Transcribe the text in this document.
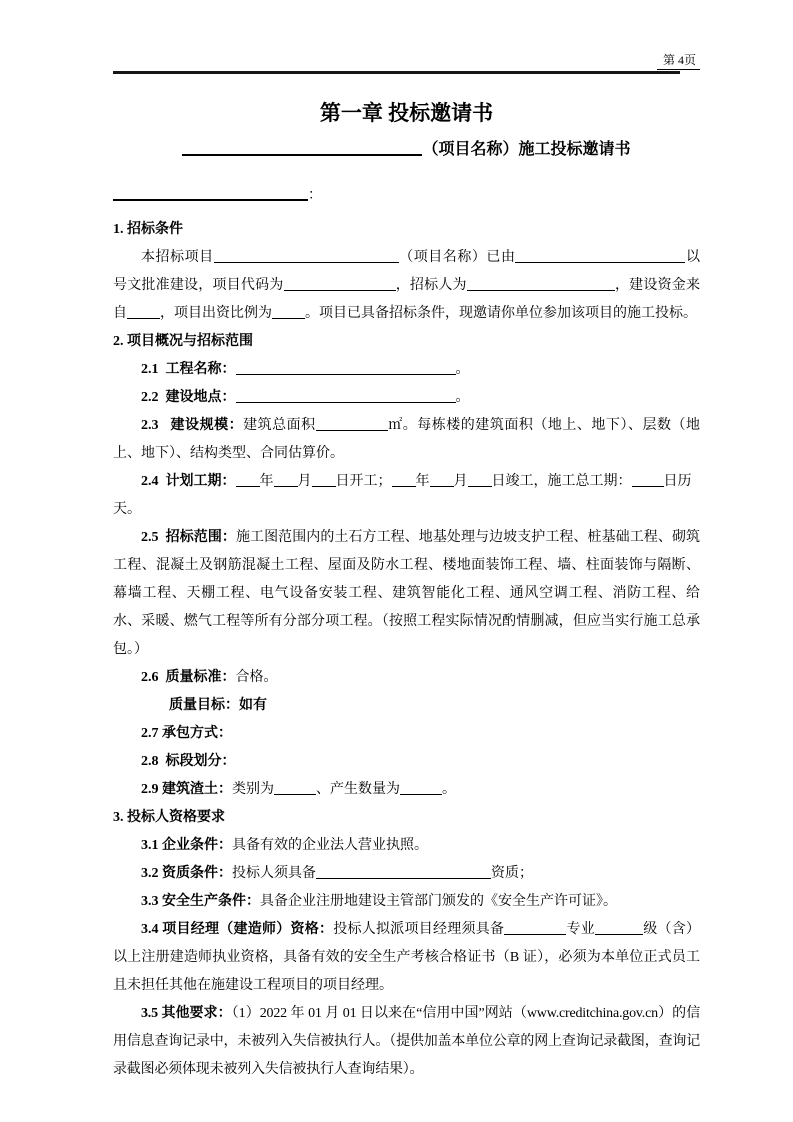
第 4页
第一章 投标邀请书
（项目名称）施工投标邀请书
：

1. 招标条件

本招标项目	（项目名称）已由	以号文批准建设，项目代码为	，招标人为	，建设资金来自 ，项目出资比例为 。项目已具备招标条件，现邀请你单位参加该项目的施工投标。

2. 项目概况与招标范围

2.1  工程名称：	。

2.2  建设地点：	。

2.3   建设规模：建筑总面积	㎡。每栋楼的建筑面积（地上、地下）、层数（地上、地下）、结构类型、合同估算价。

2.4  计划工期： 年 月 日开工； 年 月 日竣工，施工总工期： 日历天。

2.5  招标范围：施工图范围内的土石方工程、地基处理与边坡支护工程、桩基础工程、砌筑工程、混凝土及钢筋混凝土工程、屋面及防水工程、楼地面装饰工程、墙、柱面装饰与隔断、幕墙工程、天棚工程、电气设备安装工程、建筑智能化工程、通风空调工程、消防工程、给水、采暖、燃气工程等所有分部分项工程。（按照工程实际情况酌情删减，但应当实行施工总承包。）

2.6  质量标准：合格。

质量目标：如有

2.7 承包方式：

2.8  标段划分：

2.9 建筑渣土：类别为	、产生数量为	。

3. 投标人资格要求

3.1 企业条件：具备有效的企业法人营业执照。

3.2 资质条件：投标人须具备	资质；

3.3 安全生产条件：具备企业注册地建设主管部门颁发的《安全生产许可证》。

3.4 项目经理（建造师）资格：投标人拟派项目经理须具备	专业	级（含）以上注册建造师执业资格，具备有效的安全生产考核合格证书（B 证），必须为本单位正式员工且未担任其他在施建设工程项目的项目经理。

3.5 其他要求：（1）2022 年 01 月 01 日以来在“信用中国”网站（www.creditchina.gov.cn）的信用信息查询记录中，未被列入失信被执行人。（提供加盖本单位公章的网上查询记录截图，查询记录截图必须体现未被列入失信被执行人查询结果）。
